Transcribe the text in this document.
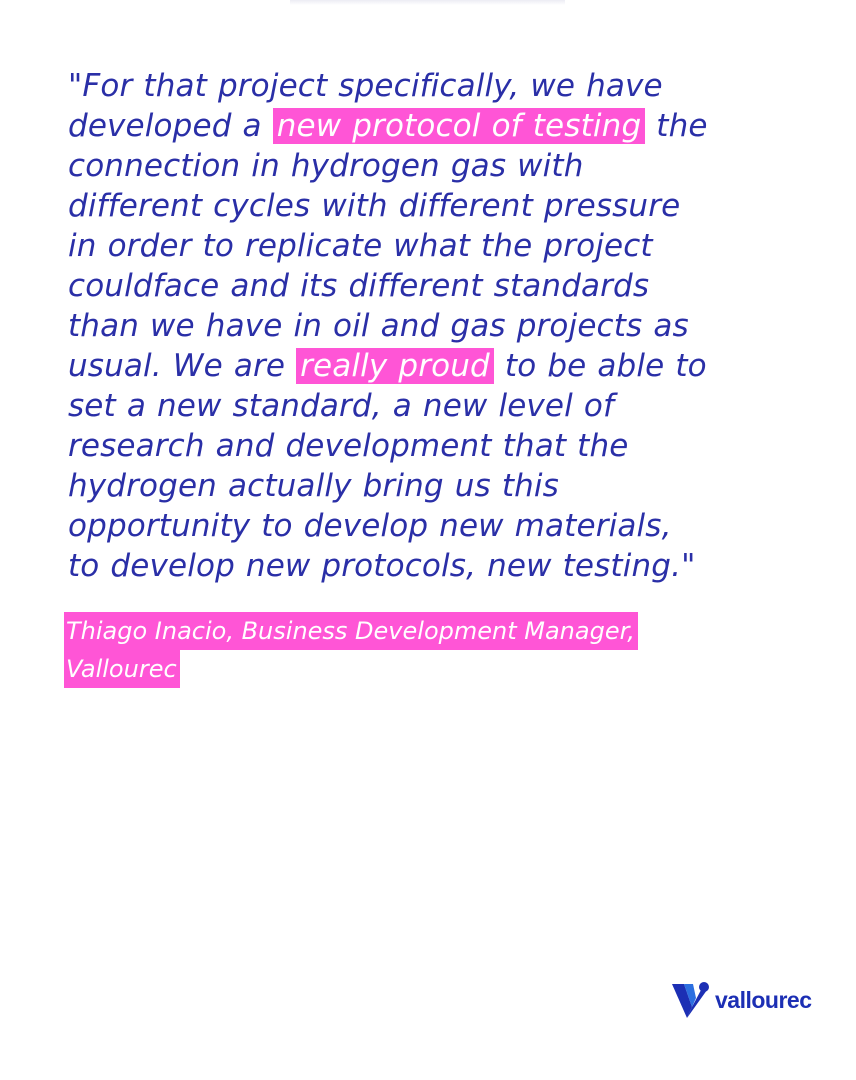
"For that project specifically, we have
developed a new protocol of testing the
connection in hydrogen gas with
different cycles with different pressure
in order to replicate what the project
couldface and its different standards
than we have in oil and gas projects as
usual. We are really proud to be able to
set a new standard, a new level of
research and development that the
hydrogen actually bring us this
opportunity to develop new materials,
to develop new protocols, new testing."
Thiago Inacio, Business Development Manager,
Vallourec
vallourec
